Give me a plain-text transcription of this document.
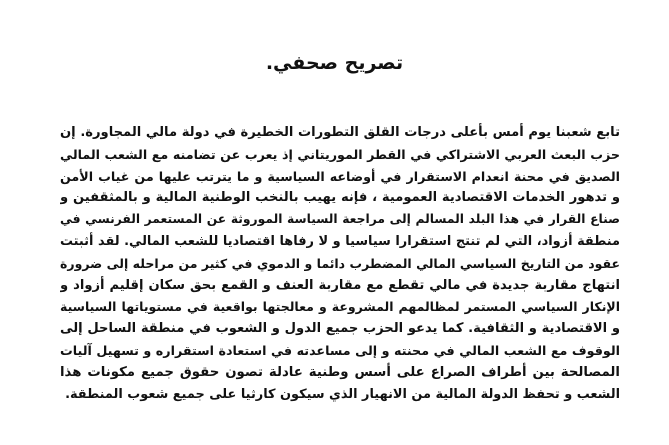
تصريح صحفي.
تابع شعبنا يوم أمس بأعلى درجات القلق التطورات الخطيرة في دولة مالي المجاورة. إن
حزب البعث العربي الاشتراكي في القطر الموريتاني إذ يعرب عن تضامنه مع الشعب المالي
الصديق في محنة انعدام الاستقرار في أوضاعه السياسية و ما يترتب عليها من غياب الأمن
و تدهور الخدمات الاقتصادية العمومية ، فإنه يهيب بالنخب الوطنية المالية و بالمثقفين و
صناع القرار في هذا البلد المسالم إلى مراجعة السياسة الموروثة عن المستعمر الفرنسي في
منطقة أزواد، التي لم تنتج استقرارا سياسيا و لا رفاها اقتصاديا للشعب المالي. لقد أثبتت
عقود من التاريخ السياسي المالي المضطرب دائما و الدموي في كثير من مراحله إلى ضرورة
انتهاج مقاربة جديدة في مالي تقطع مع مقاربة العنف و القمع بحق سكان إقليم أزواد و
الإنكار السياسي المستمر لمظالمهم المشروعة و معالجتها بواقعية في مستوياتها السياسية
و الاقتصادية و الثقافية. كما يدعو الحزب جميع الدول و الشعوب في منطقة الساحل إلى
الوقوف مع الشعب المالي في محنته و إلى مساعدته في استعادة استقراره و تسهيل آليات
المصالحة بين أطراف الصراع على أسس وطنية عادلة تصون حقوق جميع مكونات هذا
الشعب و تحفظ الدولة المالية من الانهيار الذي سيكون كارثيا على جميع شعوب المنطقة.
